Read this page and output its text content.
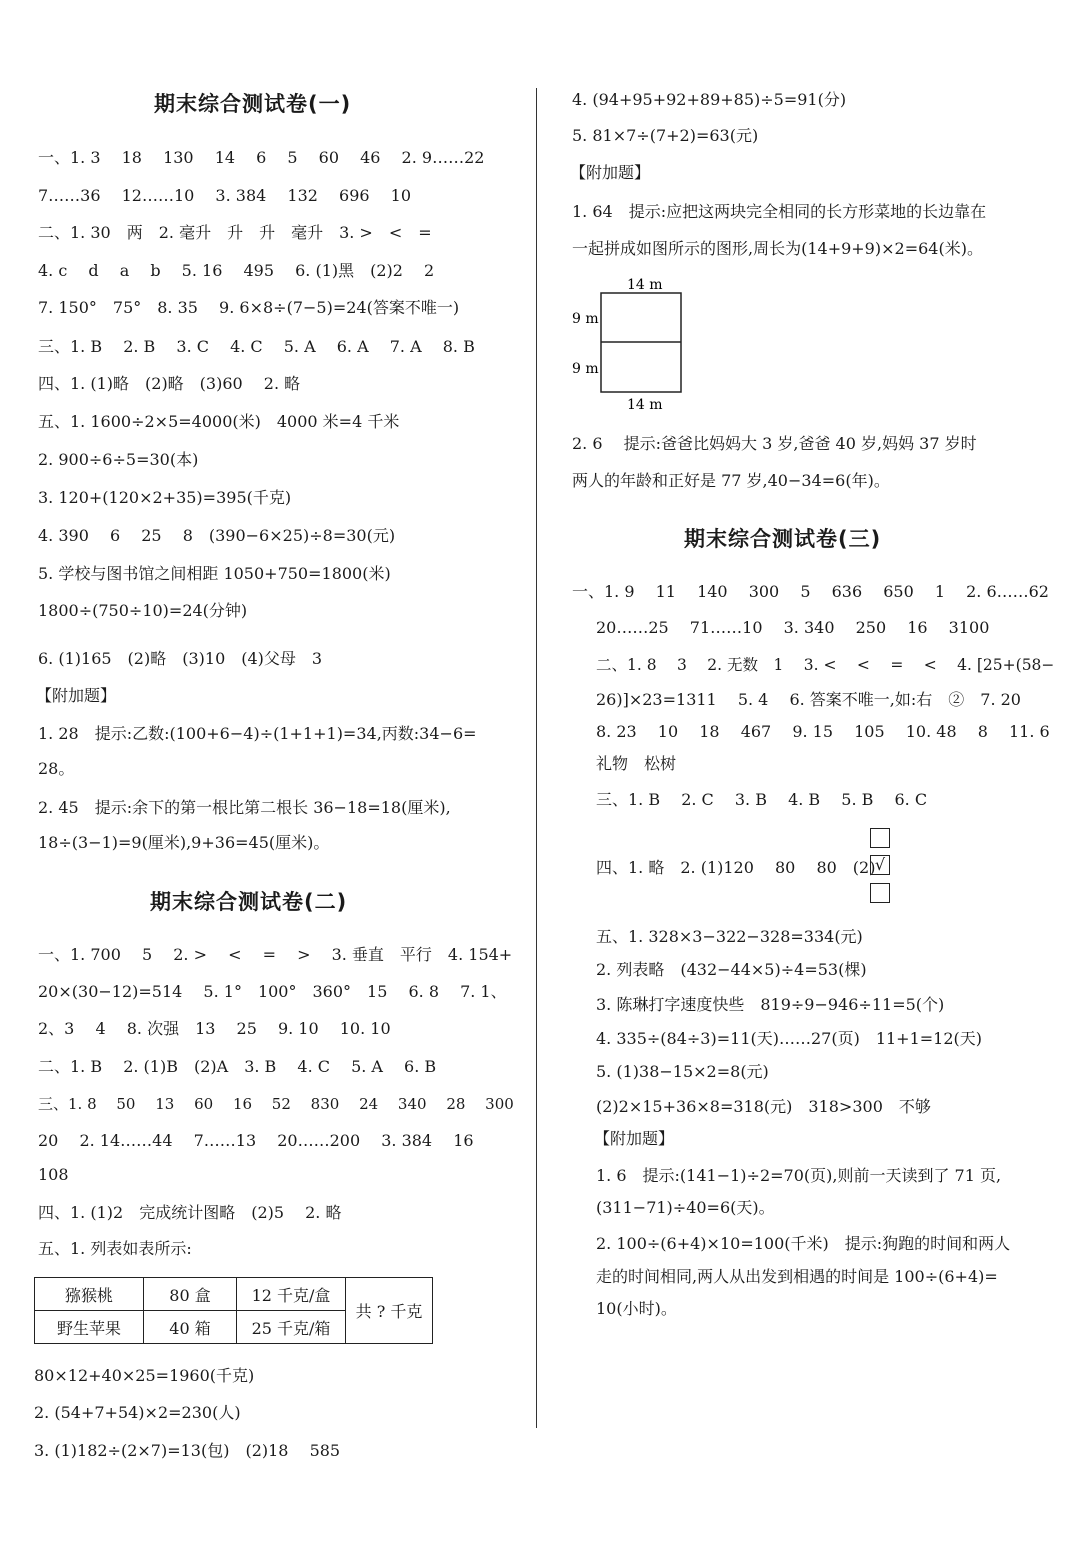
期末综合测试卷(一)
期末综合测试卷(二)
期末综合测试卷(三)
一、1. 3　 18　 130　 14　 6　 5　 60　 46　 2. 9……22
7……36　 12……10　 3. 384　 132　 696　 10
二、1. 30　两　2. 毫升　升　升　毫升　3. >　<　=
4. c　 d　 a　 b　 5. 16　 495　 6. (1)黑　(2)2　 2
7. 150°　75°　8. 35　 9. 6×8÷(7−5)=24(答案不唯一)
三、1. B　 2. B　 3. C　 4. C　 5. A　 6. A　 7. A　 8. B
四、1. (1)略　(2)略　(3)60　 2. 略
五、1. 1600÷2×5=4000(米)　4000 米=4 千米
2. 900÷6÷5=30(本)
3. 120+(120×2+35)=395(千克)
4. 390　 6　 25　 8　(390−6×25)÷8=30(元)
5. 学校与图书馆之间相距 1050+750=1800(米)
1800÷(750÷10)=24(分钟)
6. (1)165　(2)略　(3)10　(4)父母　3
【附加题】
1. 28　提示:乙数:(100+6−4)÷(1+1+1)=34,丙数:34−6=
28。
2. 45　提示:余下的第一根比第二根长 36−18=18(厘米),
18÷(3−1)=9(厘米),9+36=45(厘米)。
一、1. 700　 5　 2. >　 <　 =　 >　 3. 垂直　平行　4. 154+
20×(30−12)=514　 5. 1°　100°　360°　15　 6. 8　 7. 1、
2、3　 4　 8. 次强　13　 25　 9. 10　 10. 10
二、1. B　 2. (1)B　(2)A　3. B　 4. C　 5. A　 6. B
三、1. 8　 50　 13　 60　 16　 52　 830　 24　 340　 28　 300
20　 2. 14……44　 7……13　 20……200　 3. 384　 16
108
四、1. (1)2　完成统计图略　(2)5　 2. 略
五、1. 列表如表所示:
猕猴桃	80 盒	12 千克/盒	共 ? 千克
野生苹果	40 箱	25 千克/箱	
80×12+40×25=1960(千克)
2. (54+7+54)×2=230(人)
3. (1)182÷(2×7)=13(包)　(2)18　 585
4. (94+95+92+89+85)÷5=91(分)
5. 81×7÷(7+2)=63(元)
【附加题】
1. 64　提示:应把这两块完全相同的长方形菜地的长边靠在
一起拼成如图所示的图形,周长为(14+9+9)×2=64(米)。
14 m
14 m
9 m
9 m
2. 6　 提示:爸爸比妈妈大 3 岁,爸爸 40 岁,妈妈 37 岁时
两人的年龄和正好是 77 岁,40−34=6(年)。
一、1. 9　 11　 140　 300　 5　 636　 650　 1　 2. 6……62
20……25　 71……10　 3. 340　 250　 16　 3100
二、1. 8　 3　 2. 无数　1　 3. <　 <　 =　 <　 4. [25+(58−
26)]×23=1311　 5. 4　 6. 答案不唯一,如:右　②　7. 20
8. 23　 10　 18　 467　 9. 15　 105　 10. 48　 8　 11. 6
礼物　松树
三、1. B　 2. C　 3. B　 4. B　 5. B　 6. C
四、1. 略　2. (1)120　 80　 80　(2) √
五、1. 328×3−322−328=334(元)
2. 列表略　(432−44×5)÷4=53(棵)
3. 陈琳打字速度快些　819÷9−946÷11=5(个)
4. 335÷(84÷3)=11(天)……27(页)　11+1=12(天)
5. (1)38−15×2=8(元)
(2)2×15+36×8=318(元)　318>300　不够
【附加题】
1. 6　提示:(141−1)÷2=70(页),则前一天读到了 71 页,
(311−71)÷40=6(天)。
2. 100÷(6+4)×10=100(千米)　提示:狗跑的时间和两人
走的时间相同,两人从出发到相遇的时间是 100÷(6+4)=
10(小时)。
